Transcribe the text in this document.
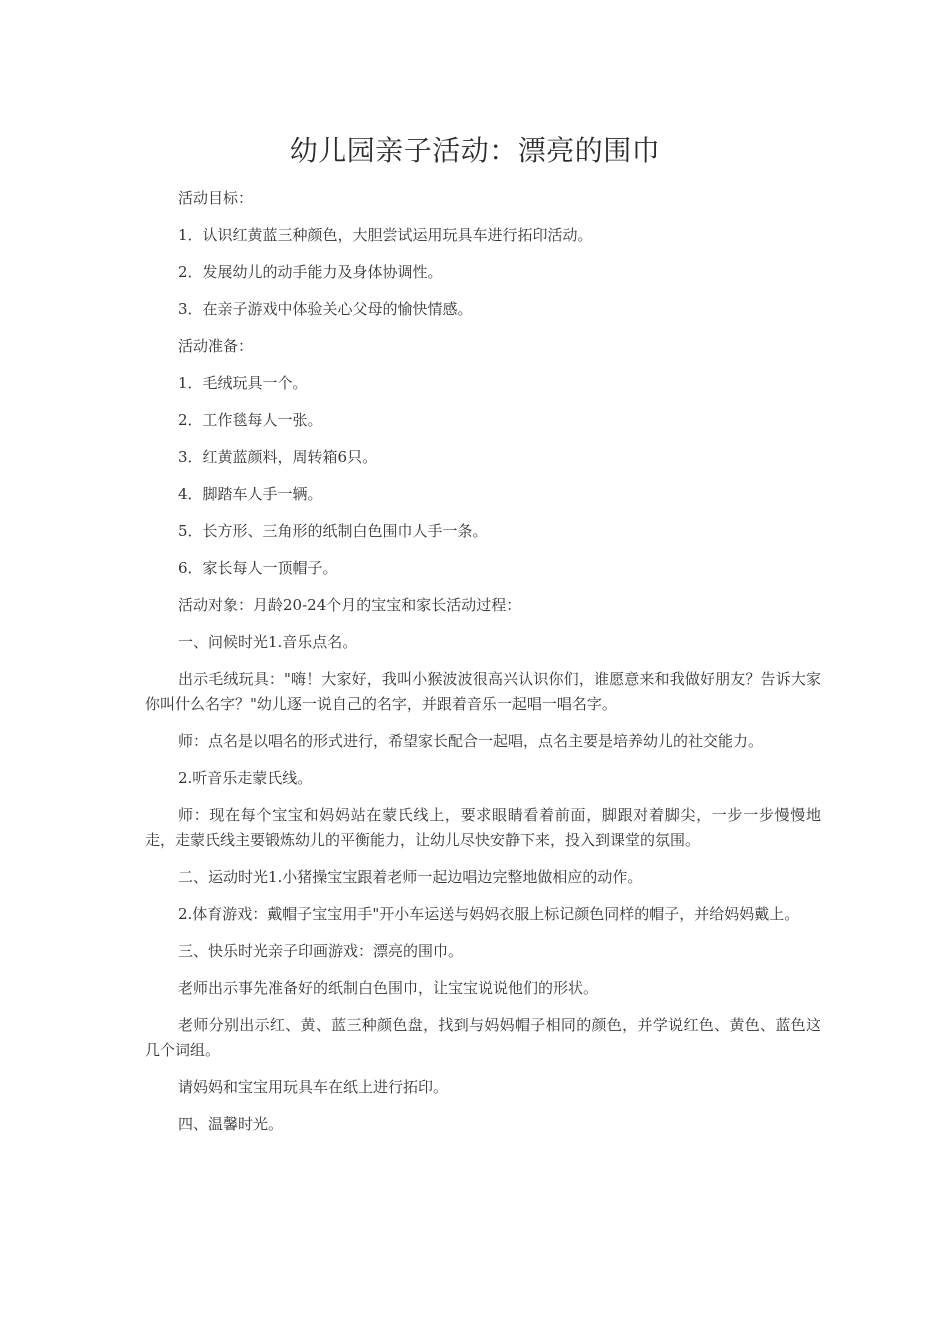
幼儿园亲子活动：漂亮的围巾

活动目标：

1．认识红黄蓝三种颜色，大胆尝试运用玩具车进行拓印活动。

2．发展幼儿的动手能力及身体协调性。

3．在亲子游戏中体验关心父母的愉快情感。

活动准备：

1．毛绒玩具一个。

2．工作毯每人一张。

3．红黄蓝颜料，周转箱6只。

4．脚踏车人手一辆。

5．长方形、三角形的纸制白色围巾人手一条。

6．家长每人一顶帽子。

活动对象：月龄20-24个月的宝宝和家长活动过程：

一、问候时光1.音乐点名。

出示毛绒玩具："嗨！大家好，我叫小猴波波很高兴认识你们，谁愿意来和我做好朋友？告诉大家你叫什么名字？"幼儿逐一说自己的名字，并跟着音乐一起唱一唱名字。

师：点名是以唱名的形式进行，希望家长配合一起唱，点名主要是培养幼儿的社交能力。

2.听音乐走蒙氏线。

师：现在每个宝宝和妈妈站在蒙氏线上，要求眼睛看着前面，脚跟对着脚尖，一步一步慢慢地走，走蒙氏线主要锻炼幼儿的平衡能力，让幼儿尽快安静下来，投入到课堂的氛围。

二、运动时光1.小猪操宝宝跟着老师一起边唱边完整地做相应的动作。

2.体育游戏：戴帽子宝宝用手"开小车运送与妈妈衣服上标记颜色同样的帽子，并给妈妈戴上。

三、快乐时光亲子印画游戏：漂亮的围巾。

老师出示事先准备好的纸制白色围巾，让宝宝说说他们的形状。

老师分别出示红、黄、蓝三种颜色盘，找到与妈妈帽子相同的颜色，并学说红色、黄色、蓝色这几个词组。

请妈妈和宝宝用玩具车在纸上进行拓印。

四、温馨时光。
